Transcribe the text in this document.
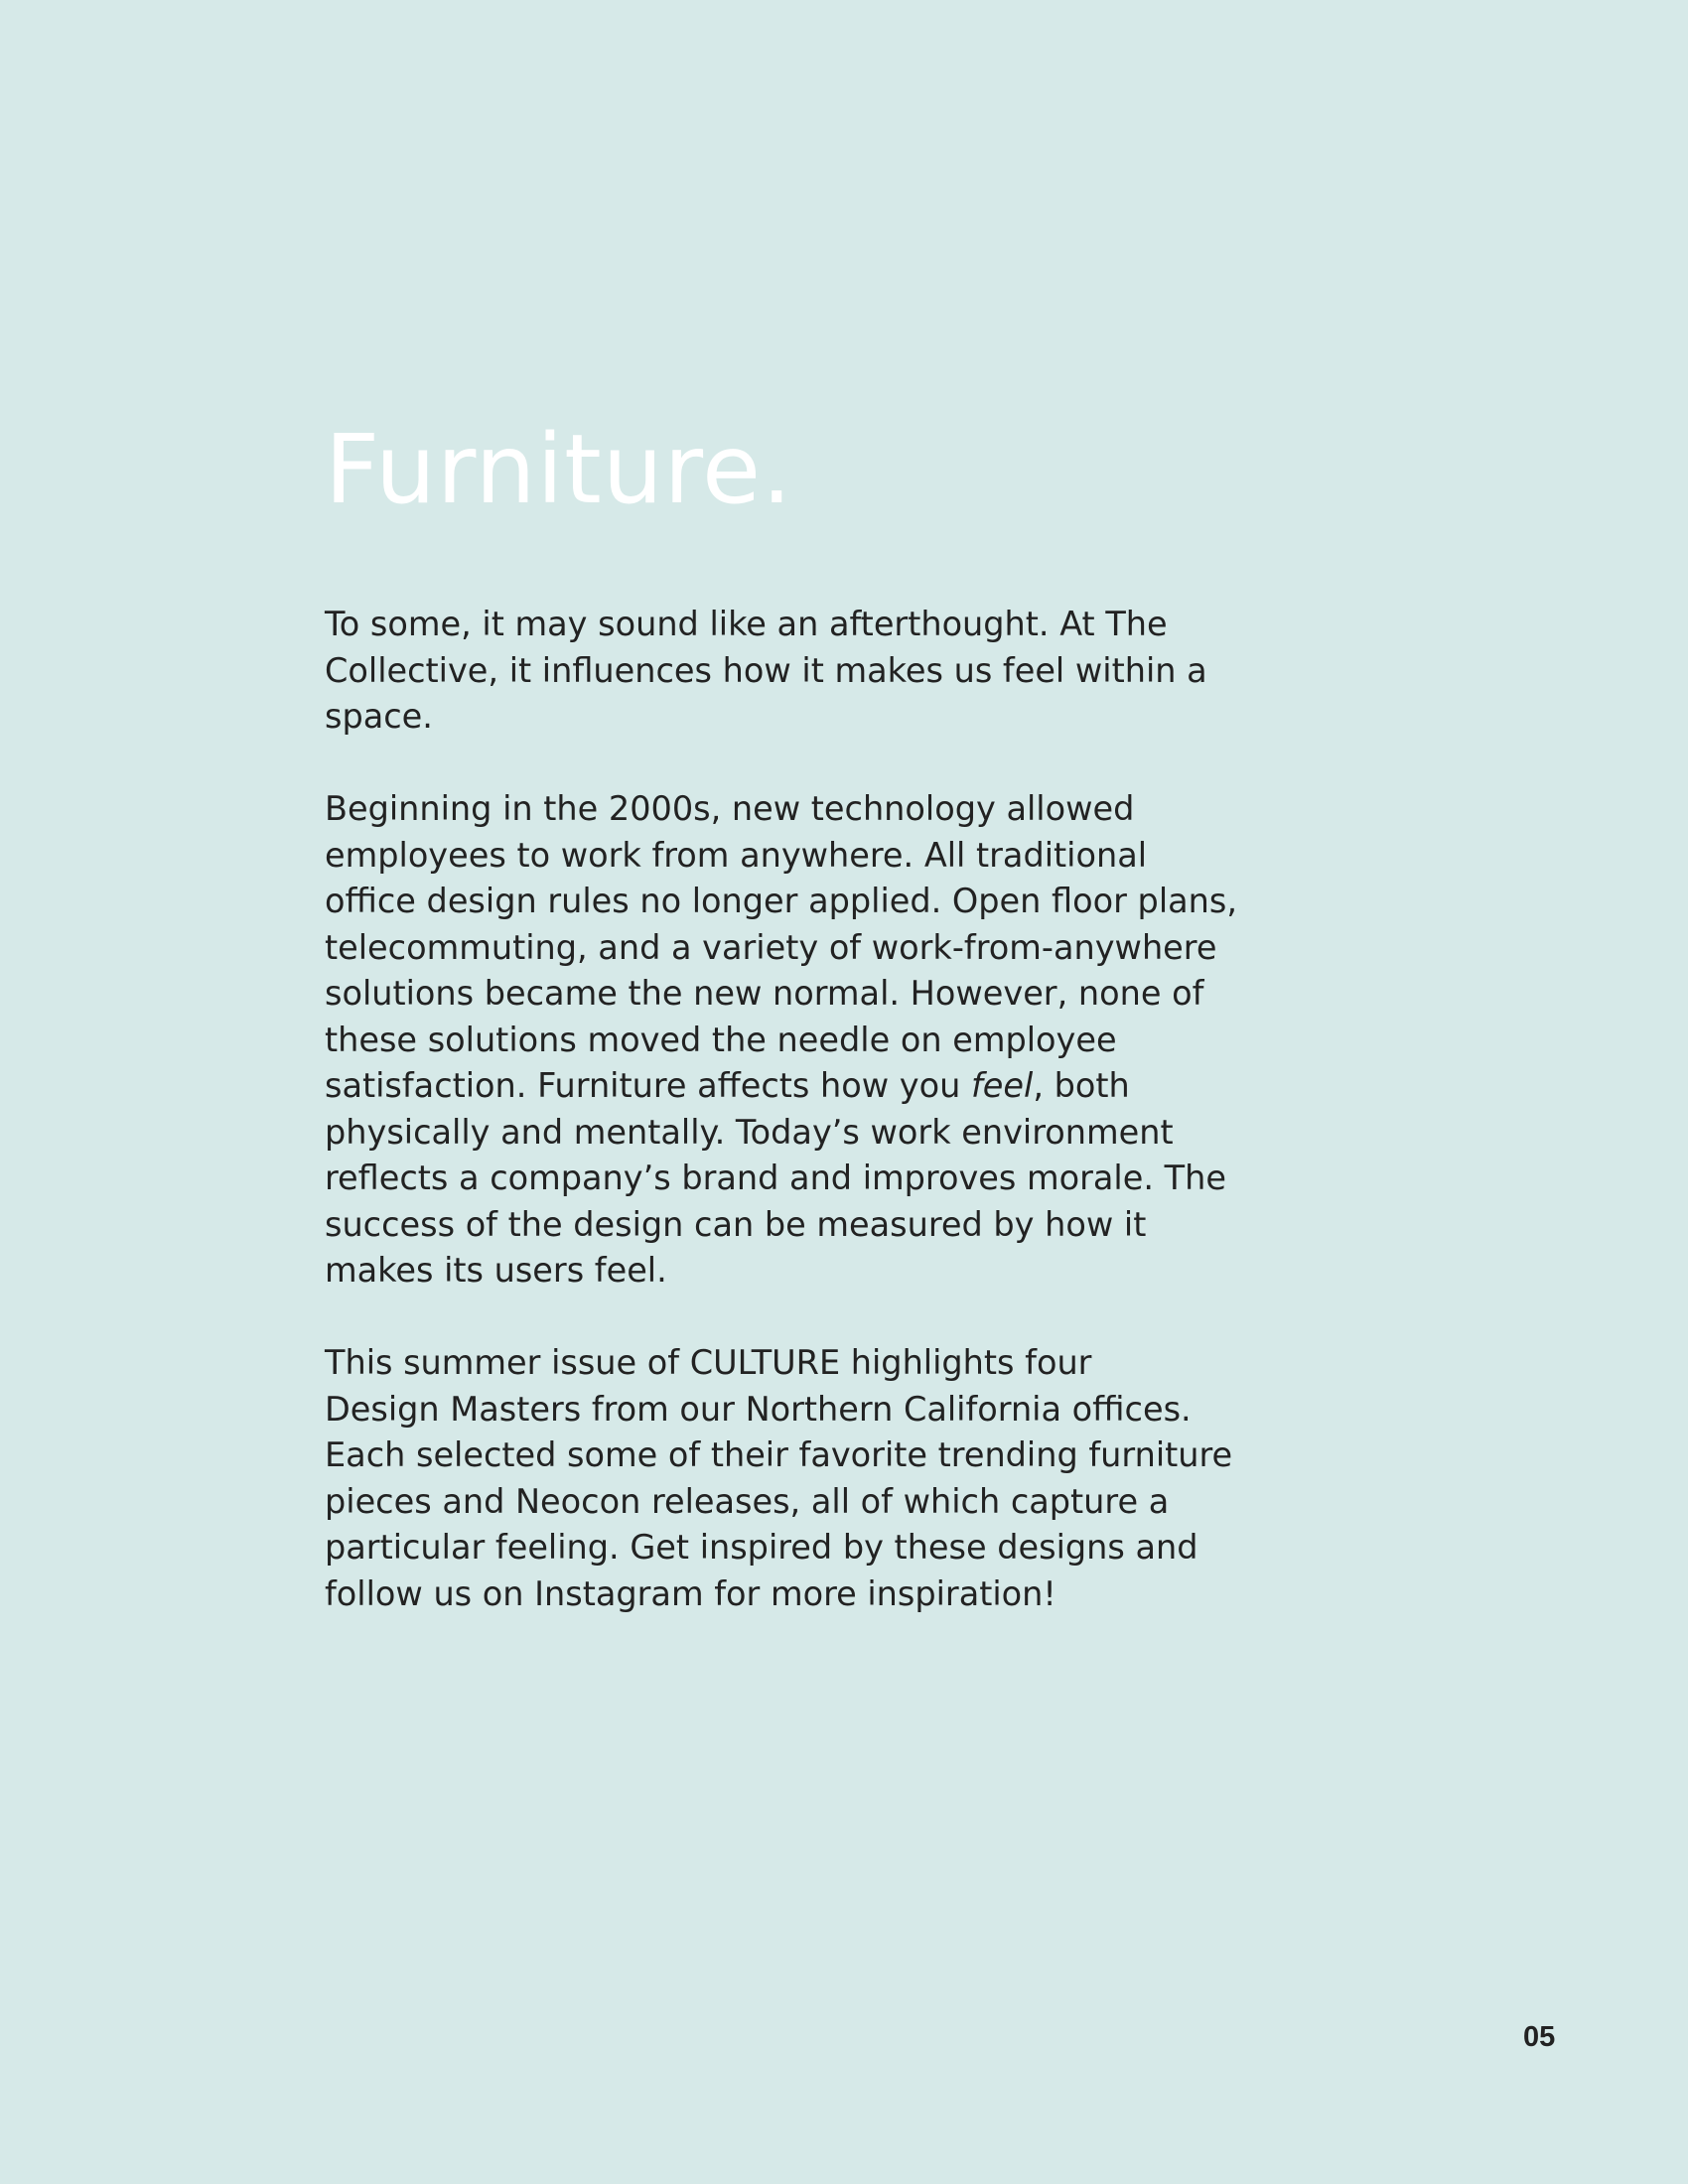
Furniture.

To some, it may sound like an afterthought. At The
Collective, it influences how it makes us feel within a
space.

Beginning in the 2000s, new technology allowed
employees to work from anywhere. All traditional
office design rules no longer applied. Open floor plans,
telecommuting, and a variety of work-from-anywhere
solutions became the new normal. However, none of
these solutions moved the needle on employee
satisfaction. Furniture affects how you feel, both
physically and mentally. Today’s work environment
reflects a company’s brand and improves morale. The
success of the design can be measured by how it
makes its users feel.

This summer issue of CULTURE highlights four
Design Masters from our Northern California offices.
Each selected some of their favorite trending furniture
pieces and Neocon releases, all of which capture a
particular feeling. Get inspired by these designs and
follow us on Instagram for more inspiration!

05
